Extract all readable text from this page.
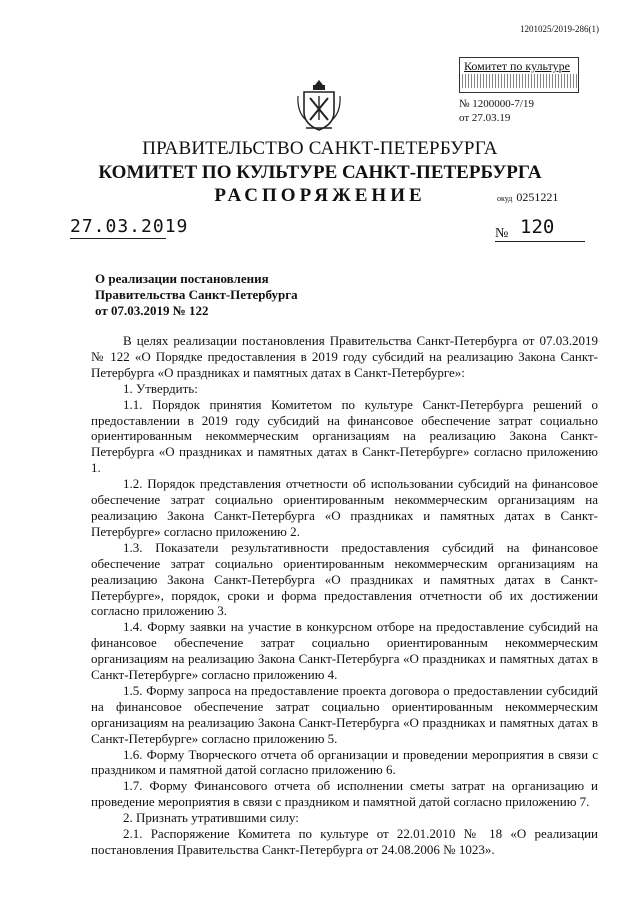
1201025/2019-286(1)
Комитет по культуре
№ 1200000-7/19
от 27.03.19
ПРАВИТЕЛЬСТВО САНКТ-ПЕТЕРБУРГА
КОМИТЕТ ПО КУЛЬТУРЕ САНКТ-ПЕТЕРБУРГА
РАСПОРЯЖЕНИЕ	окуд 0251221
27.03.2019	№ 120
О реализации постановления
Правительства Санкт-Петербурга
от 07.03.2019 № 122

В целях реализации постановления Правительства Санкт-Петербурга от 07.03.2019 № 122 «О Порядке предоставления в 2019 году субсидий на реализацию Закона Санкт-Петербурга «О праздниках и памятных датах в Санкт-Петербурге»:

1. Утвердить:

1.1. Порядок принятия Комитетом по культуре Санкт-Петербурга решений о предоставлении в 2019 году субсидий на финансовое обеспечение затрат социально ориентированным некоммерческим организациям на реализацию Закона Санкт-Петербурга «О праздниках и памятных датах в Санкт-Петербурге» согласно приложению 1.

1.2. Порядок представления отчетности об использовании субсидий на финансовое обеспечение затрат социально ориентированным некоммерческим организациям на реализацию Закона Санкт-Петербурга «О праздниках и памятных датах в Санкт-Петербурге» согласно приложению 2.

1.3. Показатели результативности предоставления субсидий на финансовое обеспечение затрат социально ориентированным некоммерческим организациям на реализацию Закона Санкт-Петербурга «О праздниках и памятных датах в Санкт-Петербурге», порядок, сроки и форма предоставления отчетности об их достижении согласно приложению 3.

1.4. Форму заявки на участие в конкурсном отборе на предоставление субсидий на финансовое обеспечение затрат социально ориентированным некоммерческим организациям на реализацию Закона Санкт-Петербурга «О праздниках и памятных датах в Санкт-Петербурге» согласно приложению 4.

1.5. Форму запроса на предоставление проекта договора о предоставлении субсидий на финансовое обеспечение затрат социально ориентированным некоммерческим организациям на реализацию Закона Санкт-Петербурга «О праздниках и памятных датах в Санкт-Петербурге» согласно приложению 5.

1.6. Форму Творческого отчета об организации и проведении мероприятия в связи с праздником и памятной датой согласно приложению 6.

1.7. Форму Финансового отчета об исполнении сметы затрат на организацию и проведение мероприятия в связи с праздником и памятной датой согласно приложению 7.

2. Признать утратившими силу:

2.1. Распоряжение Комитета по культуре от 22.01.2010 № 18 «О реализации постановления Правительства Санкт-Петербурга от 24.08.2006 № 1023».
